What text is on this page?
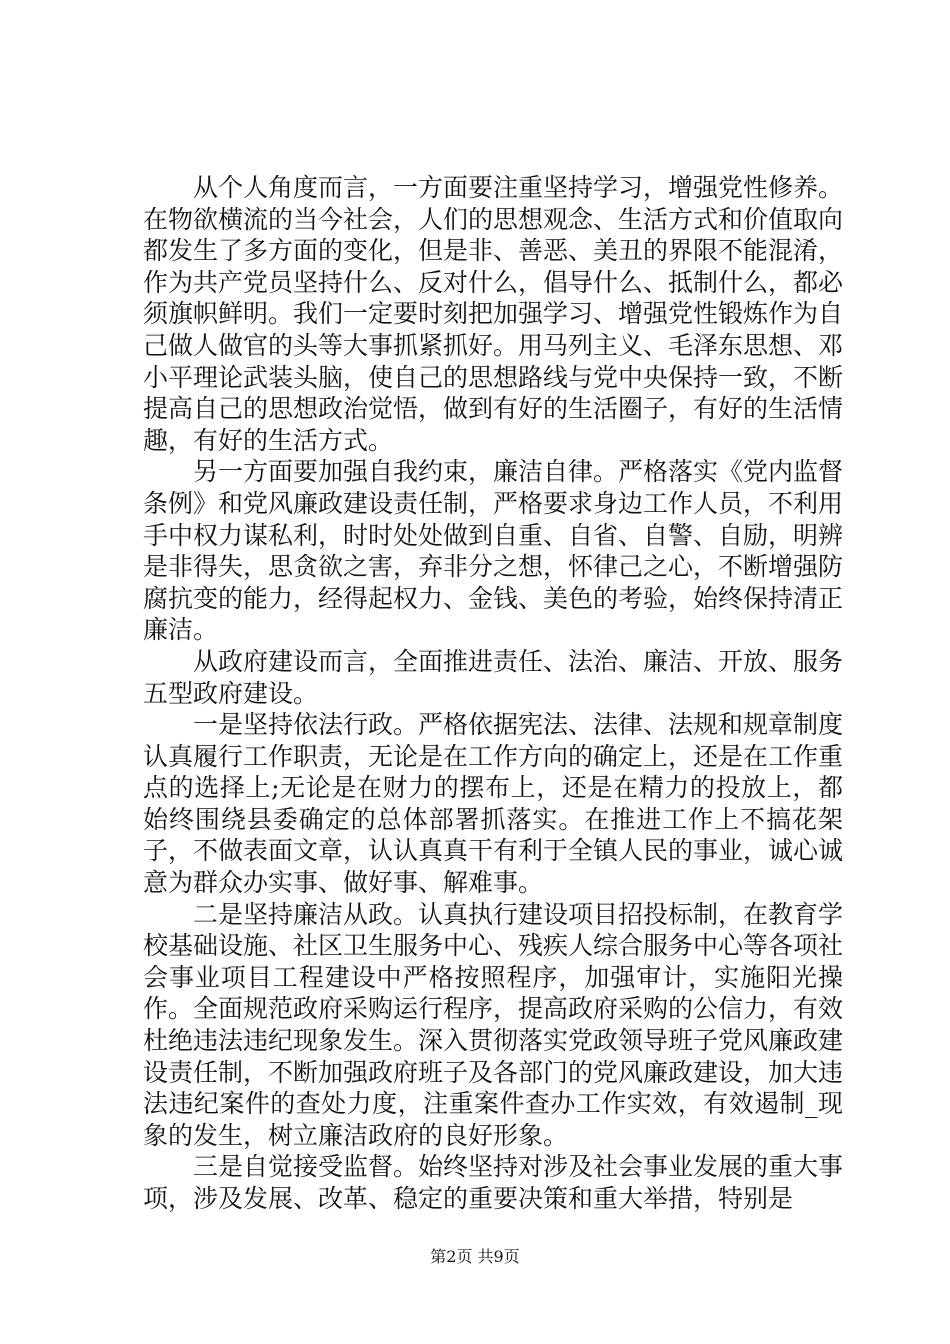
从个人角度而言，一方面要注重坚持学习，增强党性修养。在物欲横流的当今社会，人们的思想观念、生活方式和价值取向都发生了多方面的变化，但是非、善恶、美丑的界限不能混淆，作为共产党员坚持什么、反对什么，倡导什么、抵制什么，都必须旗帜鲜明。我们一定要时刻把加强学习、增强党性锻炼作为自己做人做官的头等大事抓紧抓好。用马列主义、毛泽东思想、邓小平理论武装头脑，使自己的思想路线与党中央保持一致，不断提高自己的思想政治觉悟，做到有好的生活圈子，有好的生活情趣，有好的生活方式。

另一方面要加强自我约束，廉洁自律。严格落实《党内监督条例》和党风廉政建设责任制，严格要求身边工作人员，不利用手中权力谋私利，时时处处做到自重、自省、自警、自励，明辨是非得失，思贪欲之害，弃非分之想，怀律己之心，不断增强防腐抗变的能力，经得起权力、金钱、美色的考验，始终保持清正廉洁。

从政府建设而言，全面推进责任、法治、廉洁、开放、服务五型政府建设。

一是坚持依法行政。严格依据宪法、法律、法规和规章制度认真履行工作职责，无论是在工作方向的确定上，还是在工作重点的选择上;无论是在财力的摆布上，还是在精力的投放上，都始终围绕县委确定的总体部署抓落实。在推进工作上不搞花架子，不做表面文章，认认真真干有利于全镇人民的事业，诚心诚意为群众办实事、做好事、解难事。

二是坚持廉洁从政。认真执行建设项目招投标制，在教育学校基础设施、社区卫生服务中心、残疾人综合服务中心等各项社会事业项目工程建设中严格按照程序，加强审计，实施阳光操作。全面规范政府采购运行程序，提高政府采购的公信力，有效杜绝违法违纪现象发生。深入贯彻落实党政领导班子党风廉政建设责任制，不断加强政府班子及各部门的党风廉政建设，加大违法违纪案件的查处力度，注重案件查办工作实效，有效遏制_现象的发生，树立廉洁政府的良好形象。

三是自觉接受监督。始终坚持对涉及社会事业发展的重大事项，涉及发展、改革、稳定的重要决策和重大举措，特别是

第2页 共9页
